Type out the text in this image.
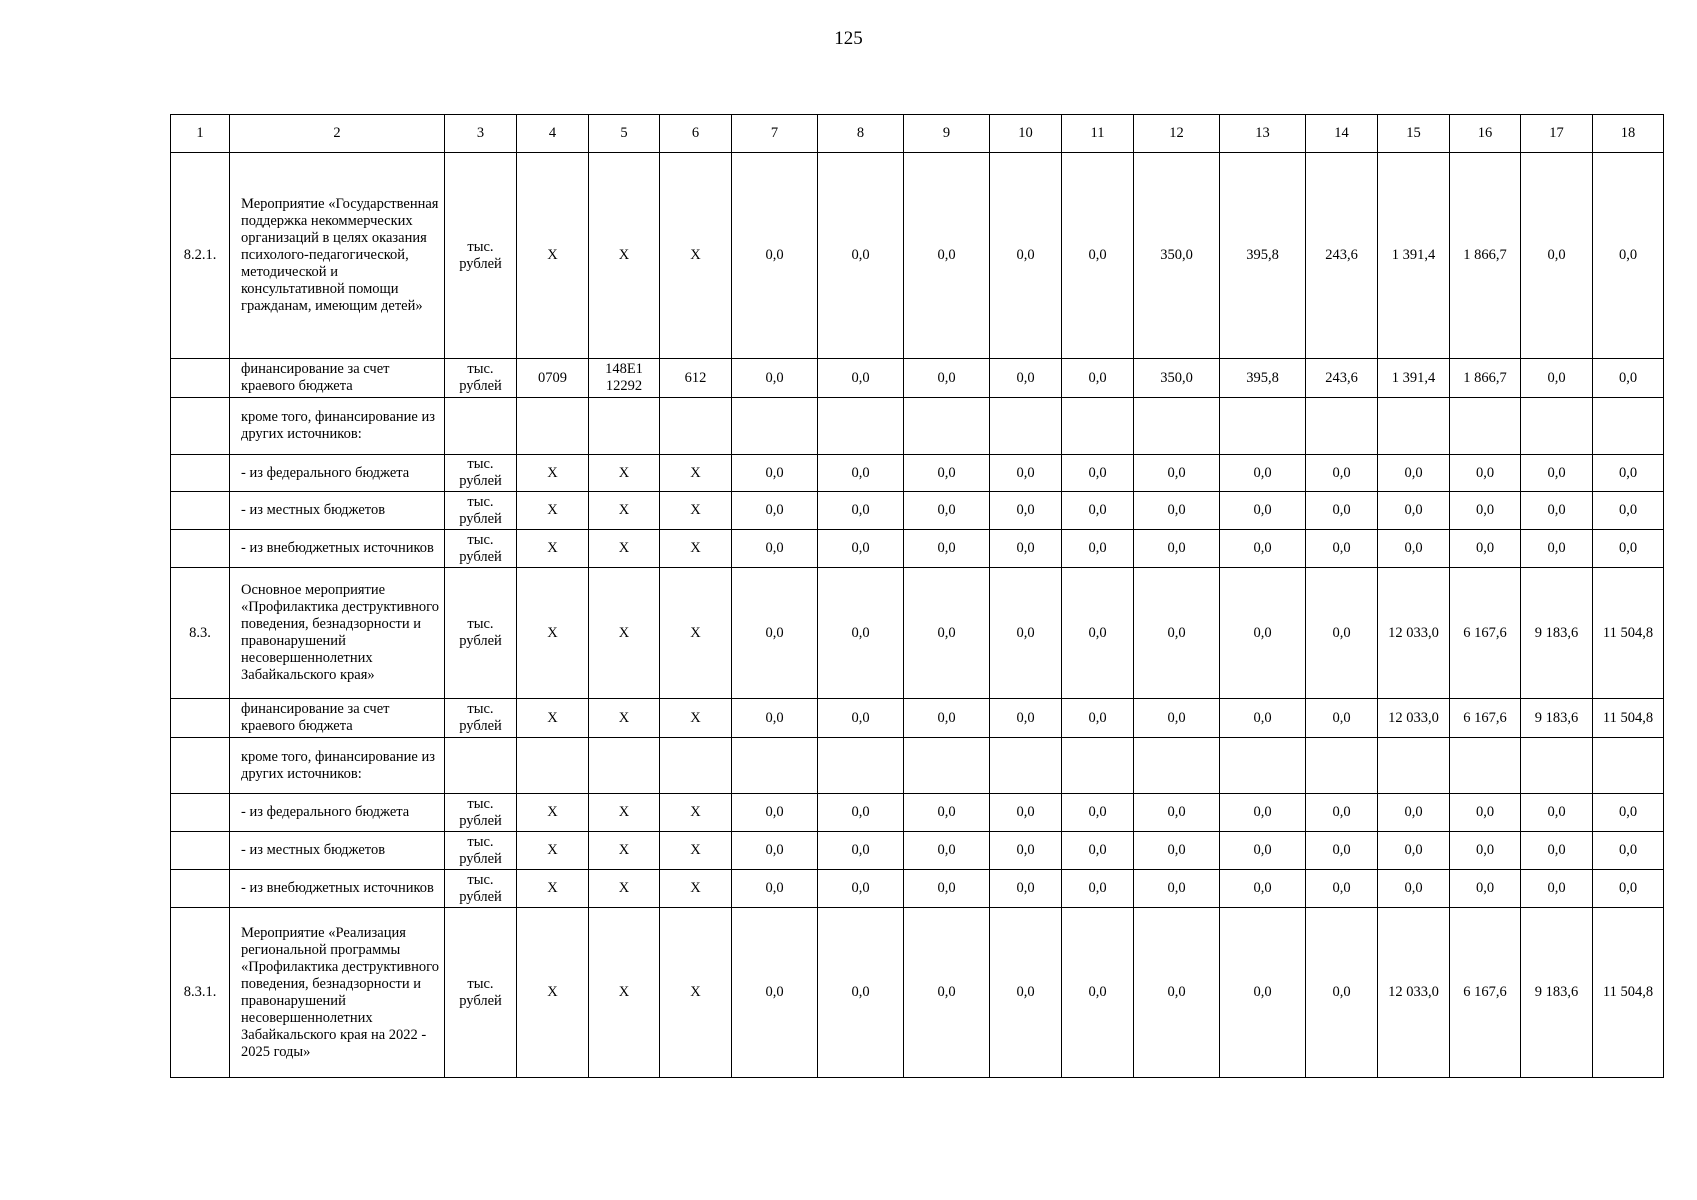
125
1	2	3	4	5	6	7	8	9	10	11	12	13	14	15	16	17	18
8.2.1.	Мероприятие «Государственная поддержка некоммерческих организаций в целях оказания психолого-педагогической, методической и консультативной помощи гражданам, имеющим детей»	тыс. рублей	X	X	X	0,0	0,0	0,0	0,0	0,0	350,0	395,8	243,6	1 391,4	1 866,7	0,0	0,0
	финансирование за счет краевого бюджета	тыс. рублей	0709	148E1 12292	612	0,0	0,0	0,0	0,0	0,0	350,0	395,8	243,6	1 391,4	1 866,7	0,0	0,0
	кроме того, финансирование из других источников:																
	- из федерального бюджета	тыс. рублей	X	X	X	0,0	0,0	0,0	0,0	0,0	0,0	0,0	0,0	0,0	0,0	0,0	0,0
	- из местных бюджетов	тыс. рублей	X	X	X	0,0	0,0	0,0	0,0	0,0	0,0	0,0	0,0	0,0	0,0	0,0	0,0
	- из внебюджетных источников	тыс. рублей	X	X	X	0,0	0,0	0,0	0,0	0,0	0,0	0,0	0,0	0,0	0,0	0,0	0,0
8.3.	Основное мероприятие «Профилактика деструктивного поведения, безнадзорности и правонарушений несовершеннолетних Забайкальского края»	тыс. рублей	X	X	X	0,0	0,0	0,0	0,0	0,0	0,0	0,0	0,0	12 033,0	6 167,6	9 183,6	11 504,8
	финансирование за счет краевого бюджета	тыс. рублей	X	X	X	0,0	0,0	0,0	0,0	0,0	0,0	0,0	0,0	12 033,0	6 167,6	9 183,6	11 504,8
	кроме того, финансирование из других источников:																
	- из федерального бюджета	тыс. рублей	X	X	X	0,0	0,0	0,0	0,0	0,0	0,0	0,0	0,0	0,0	0,0	0,0	0,0
	- из местных бюджетов	тыс. рублей	X	X	X	0,0	0,0	0,0	0,0	0,0	0,0	0,0	0,0	0,0	0,0	0,0	0,0
	- из внебюджетных источников	тыс. рублей	X	X	X	0,0	0,0	0,0	0,0	0,0	0,0	0,0	0,0	0,0	0,0	0,0	0,0
8.3.1.	Мероприятие «Реализация региональной программы «Профилактика деструктивного поведения, безнадзорности и правонарушений несовершеннолетних Забайкальского края на 2022 - 2025 годы»	тыс. рублей	X	X	X	0,0	0,0	0,0	0,0	0,0	0,0	0,0	0,0	12 033,0	6 167,6	9 183,6	11 504,8
